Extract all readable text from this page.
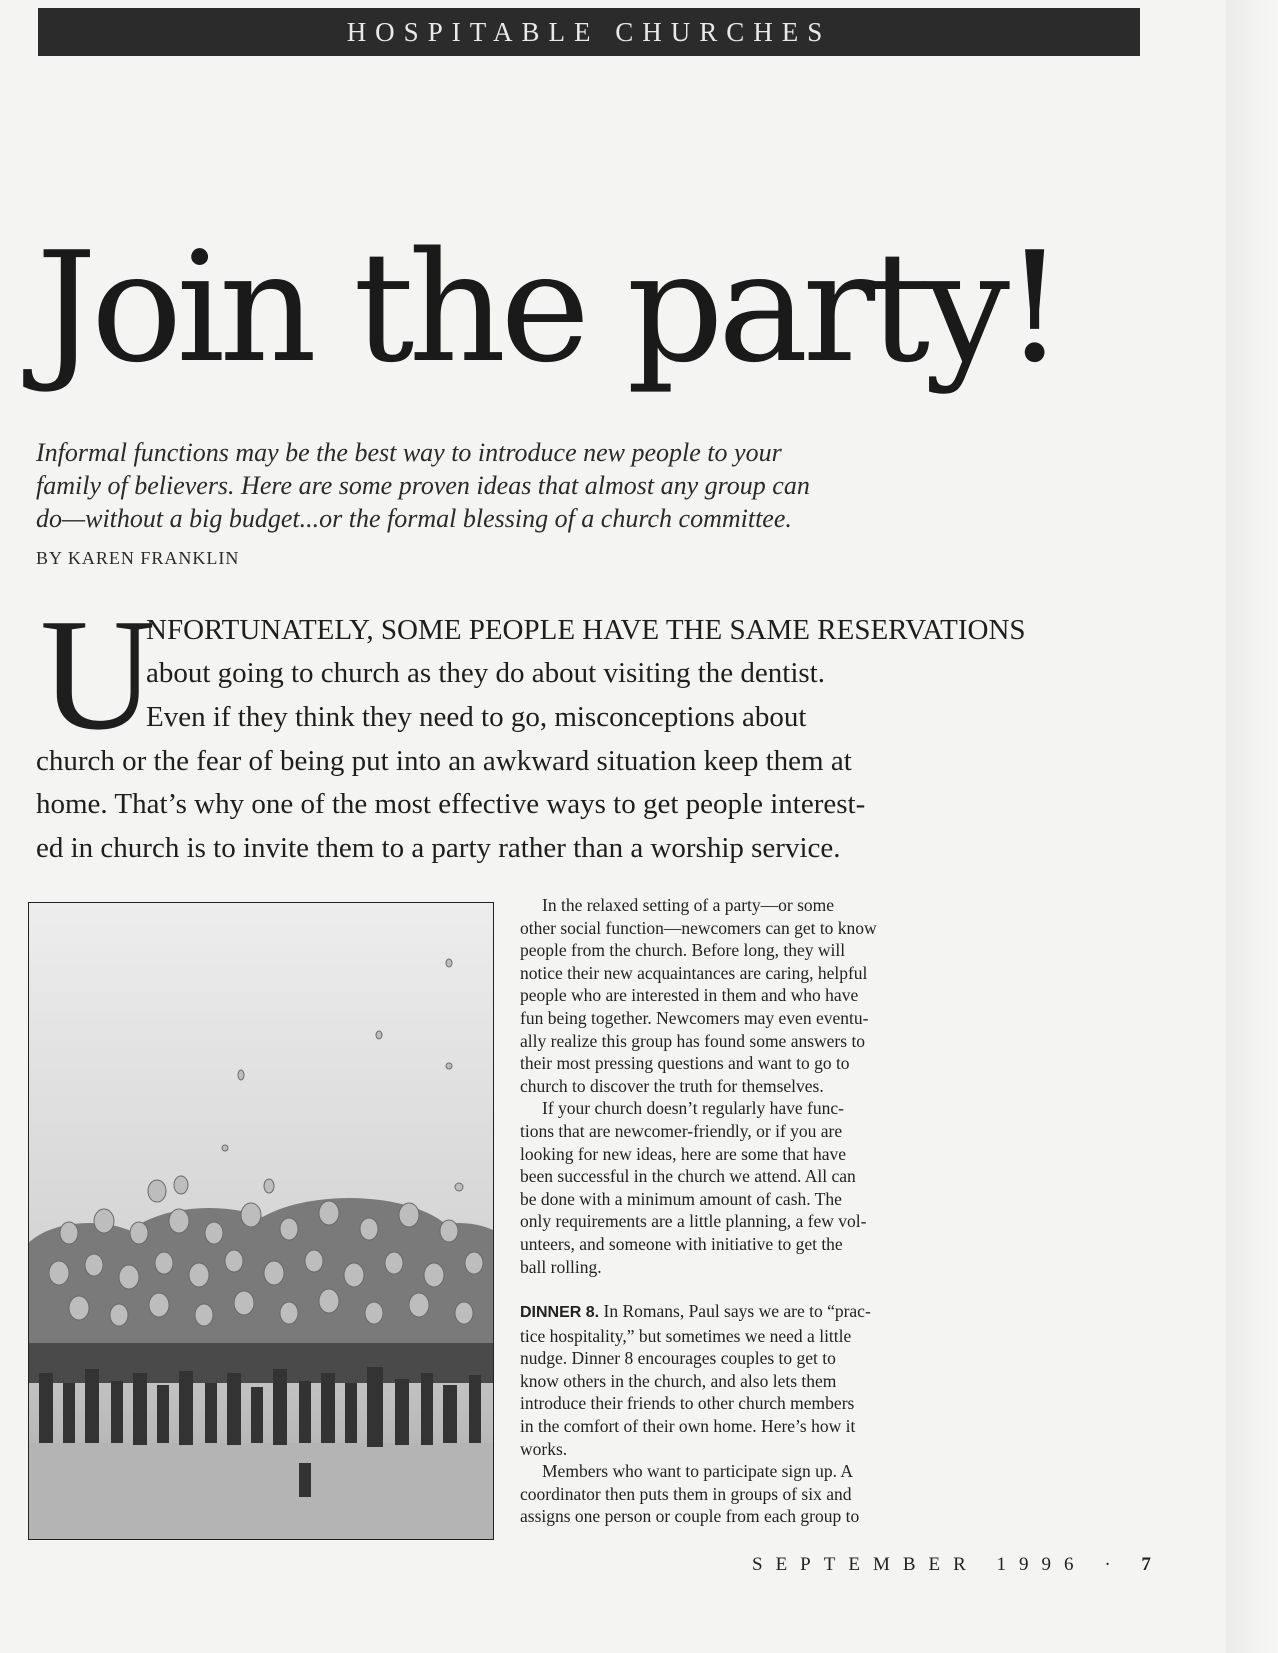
HOSPITABLE CHURCHES
Join the party!
Informal functions may be the best way to introduce new people to your
family of believers. Here are some proven ideas that almost any group can
do—without a big budget...or the formal blessing of a church committee.

BY KAREN FRANKLIN

U

NFORTUNATELY, SOME PEOPLE HAVE THE SAME RESERVATIONS
about going to church as they do about visiting the dentist.
Even if they think they need to go, misconceptions about
church or the fear of being put into an awkward situation keep them at
home. That’s why one of the most effective ways to get people interest-
ed in church is to invite them to a party rather than a worship service.
In the relaxed setting of a party—or some
other social function—newcomers can get to know
people from the church. Before long, they will
notice their new acquaintances are caring, helpful
people who are interested in them and who have
fun being together. Newcomers may even eventu-
ally realize this group has found some answers to
their most pressing questions and want to go to
church to discover the truth for themselves.
If your church doesn’t regularly have func-
tions that are newcomer-friendly, or if you are
looking for new ideas, here are some that have
been successful in the church we attend. All can
be done with a minimum amount of cash. The
only requirements are a little planning, a few vol-
unteers, and someone with initiative to get the
ball rolling.
DINNER 8. In Romans, Paul says we are to “prac-
tice hospitality,” but sometimes we need a little
nudge. Dinner 8 encourages couples to get to
know others in the church, and also lets them
introduce their friends to other church members
in the comfort of their own home. Here’s how it
works.
Members who want to participate sign up. A
coordinator then puts them in groups of six and
assigns one person or couple from each group to

SEPTEMBER 1996 · 7
